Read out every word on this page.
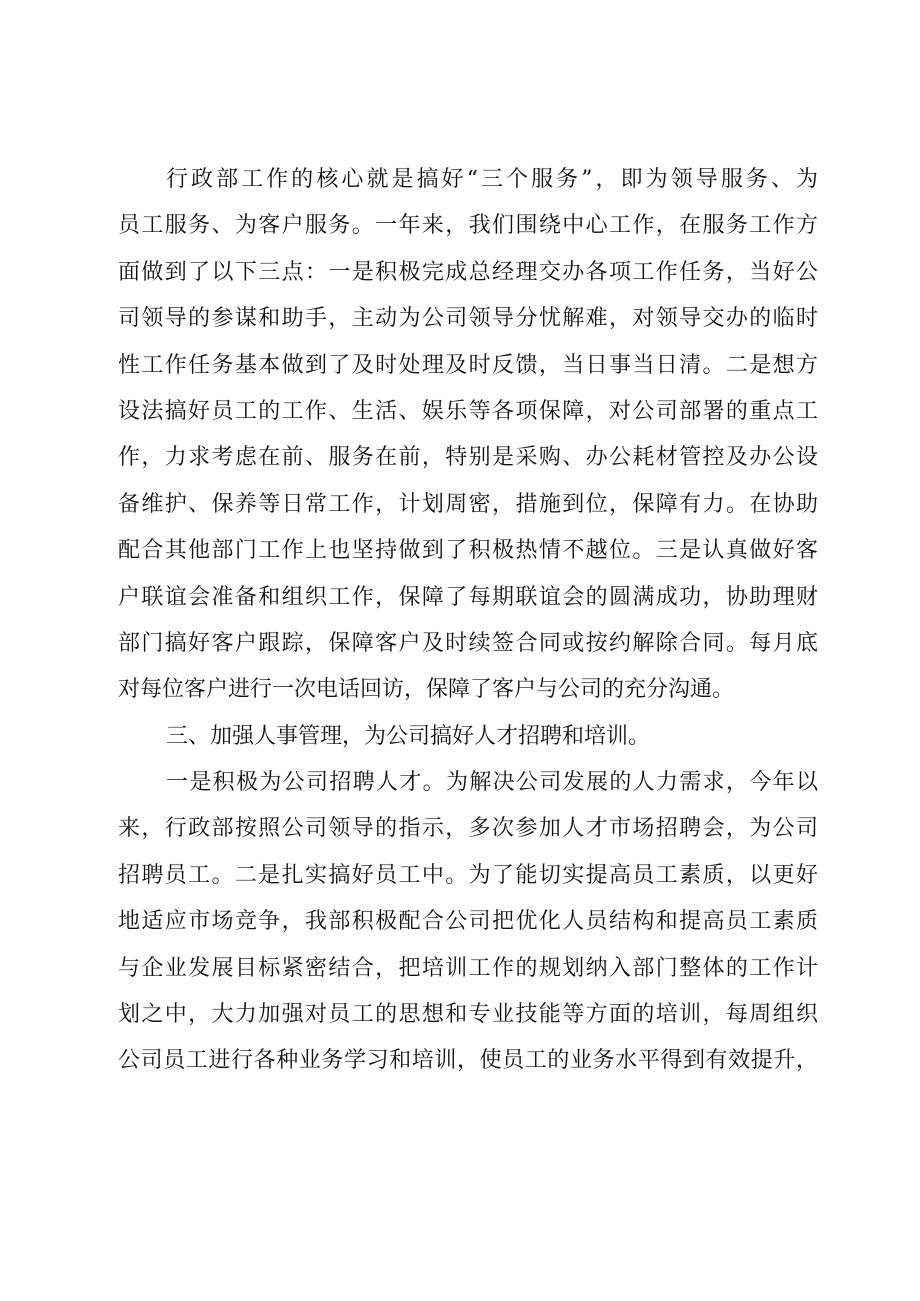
行政部工作的核心就是搞好“三个服务”，即为领导服务、为
员工服务、为客户服务。一年来，我们围绕中心工作，在服务工作方
面做到了以下三点：一是积极完成总经理交办各项工作任务，当好公
司领导的参谋和助手，主动为公司领导分忧解难，对领导交办的临时
性工作任务基本做到了及时处理及时反馈，当日事当日清。二是想方
设法搞好员工的工作、生活、娱乐等各项保障，对公司部署的重点工
作，力求考虑在前、服务在前，特别是采购、办公耗材管控及办公设
备维护、保养等日常工作，计划周密，措施到位，保障有力。在协助
配合其他部门工作上也坚持做到了积极热情不越位。三是认真做好客
户联谊会准备和组织工作，保障了每期联谊会的圆满成功，协助理财
部门搞好客户跟踪，保障客户及时续签合同或按约解除合同。每月底
对每位客户进行一次电话回访，保障了客户与公司的充分沟通。
三、加强人事管理，为公司搞好人才招聘和培训。
一是积极为公司招聘人才。为解决公司发展的人力需求，今年以
来，行政部按照公司领导的指示，多次参加人才市场招聘会，为公司
招聘员工。二是扎实搞好员工中。为了能切实提高员工素质，以更好
地适应市场竞争，我部积极配合公司把优化人员结构和提高员工素质
与企业发展目标紧密结合，把培训工作的规划纳入部门整体的工作计
划之中，大力加强对员工的思想和专业技能等方面的培训，每周组织
公司员工进行各种业务学习和培训，使员工的业务水平得到有效提升，
